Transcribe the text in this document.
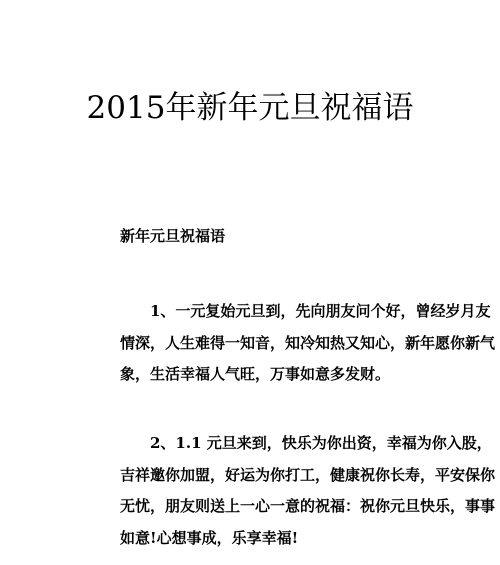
2015年新年元旦祝福语
新年元旦祝福语
1、一元复始元旦到，先向朋友问个好，曾经岁月友
情深，人生难得一知音，知冷知热又知心，新年愿你新气
象，生活幸福人气旺，万事如意多发财。
2、1.1 元旦来到，快乐为你出资，幸福为你入股，
吉祥邀你加盟，好运为你打工，健康祝你长寿，平安保你
无忧，朋友则送上一心一意的祝福：祝你元旦快乐，事事
如意!心想事成，乐享幸福!
